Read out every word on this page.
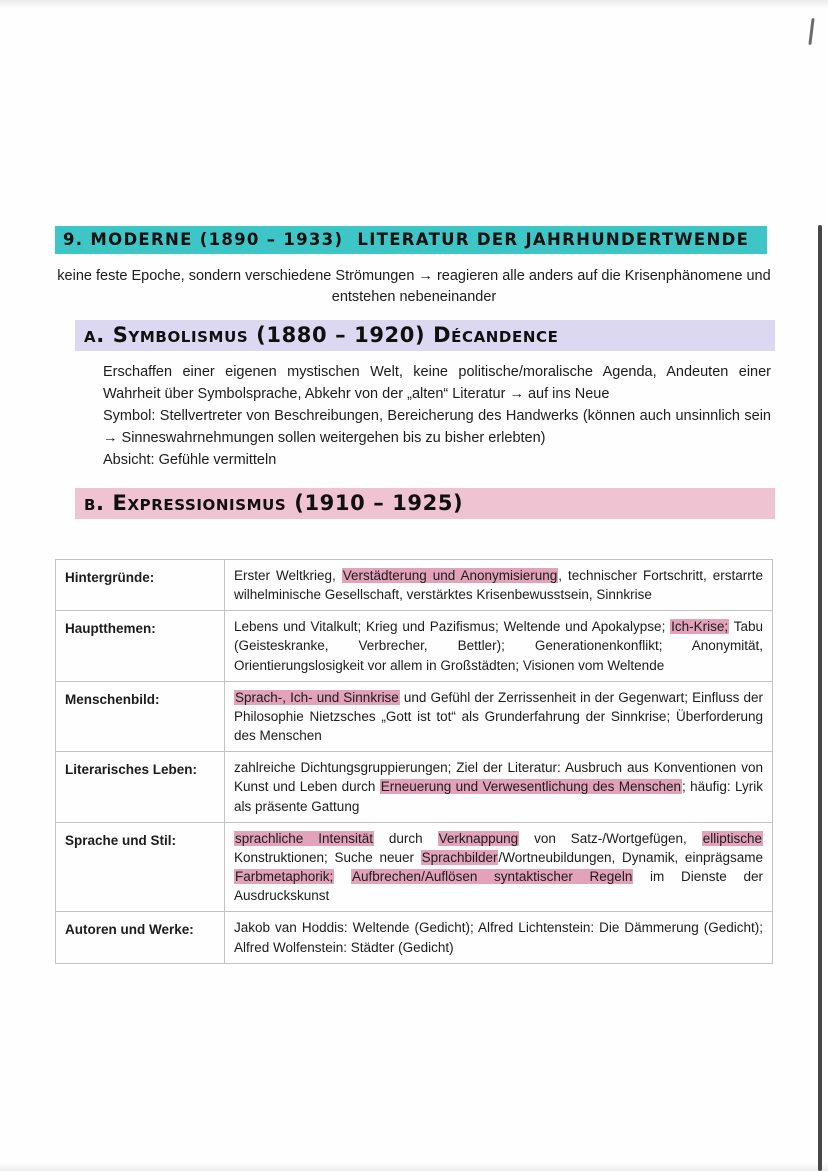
9. MODERNE (1890 – 1933)  LITERATUR DER JAHRHUNDERTWENDE
keine feste Epoche, sondern verschiedene Strömungen → reagieren alle anders auf die Krisenphänomene und entstehen nebeneinander
a. Symbolismus (1880 – 1920) Décandence

Erschaffen einer eigenen mystischen Welt, keine politische/moralische Agenda, Andeuten einer Wahrheit über Symbolsprache, Abkehr von der „alten“ Literatur → auf ins Neue

Symbol: Stellvertreter von Beschreibungen, Bereicherung des Handwerks (können auch unsinnlich sein → Sinneswahrnehmungen sollen weitergehen bis zu bisher erlebten)

Absicht: Gefühle vermitteln

b. Expressionismus (1910 – 1925)
Hintergründe:	Erster Weltkrieg, Verstädterung und Anonymisierung, technischer Fortschritt, erstarrte wilhelminische Gesellschaft, verstärktes Krisenbewusstsein, Sinnkrise
Hauptthemen:	Lebens und Vitalkult; Krieg und Pazifismus; Weltende und Apokalypse; Ich-Krise; Tabu (Geisteskranke, Verbrecher, Bettler); Generationenkonflikt; Anonymität, Orientierungslosigkeit vor allem in Großstädten; Visionen vom Weltende
Menschenbild:	Sprach-, Ich- und Sinnkrise und Gefühl der Zerrissenheit in der Gegenwart; Einfluss der Philosophie Nietzsches „Gott ist tot“ als Grunderfahrung der Sinnkrise; Überforderung des Menschen
Literarisches Leben:	zahlreiche Dichtungsgruppierungen; Ziel der Literatur: Ausbruch aus Konventionen von Kunst und Leben durch Erneuerung und Verwesentlichung des Menschen; häufig: Lyrik als präsente Gattung
Sprache und Stil:	sprachliche Intensität durch Verknappung von Satz-/Wortgefügen, elliptische Konstruktionen; Suche neuer Sprachbilder/Wortneubildungen, Dynamik, einprägsame Farbmetaphorik; Aufbrechen/Auflösen syntaktischer Regeln im Dienste der Ausdruckskunst
Autoren und Werke:	Jakob van Hoddis: Weltende (Gedicht); Alfred Lichtenstein: Die Dämmerung (Gedicht); Alfred Wolfenstein: Städter (Gedicht)
